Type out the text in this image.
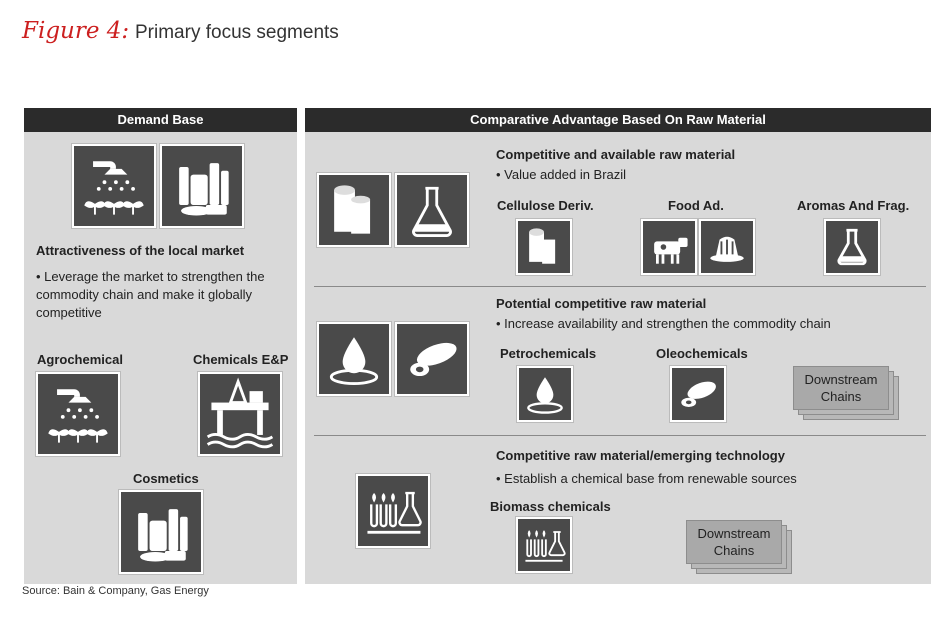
Figure 4: Primary focus segments
Demand Base
Attractiveness of the local market
• Leverage the market to strengthen the commodity chain and make it globally competitive
Agrochemical	Chemicals E&P
Cosmetics
Comparative Advantage Based On Raw Material
Competitive and available raw material
• Value added in Brazil
Cellulose Deriv.	Food Ad.	Aromas And Frag.
Potential competitive raw material
• Increase availability and strengthen the commodity chain
Petrochemicals	Oleochemicals
Downstream
Chains
Competitive raw material/emerging technology
• Establish a chemical base from renewable sources
Biomass chemicals
Downstream
Chains
Source: Bain & Company, Gas Energy
